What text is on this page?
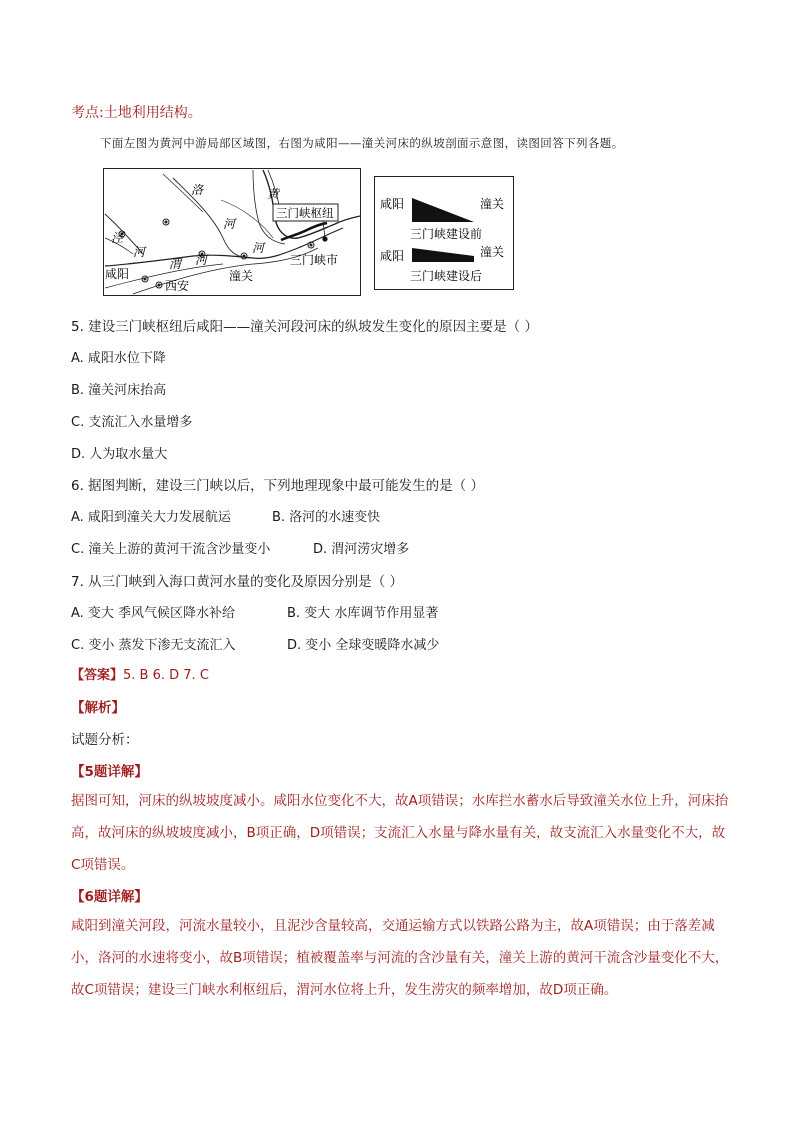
考点:土地利用结构。
下面左图为黄河中游局部区域图，右图为咸阳——潼关河床的纵坡剖面示意图，读图回答下列各题。
洛
河
黄
河
泾
河
渭 河
三门峡枢纽
三门峡市
潼关
咸阳
西安
咸阳	潼关
三门峡建设前
咸阳	潼关
三门峡建设后
5. 建设三门峡枢纽后咸阳——潼关河段河床的纵坡发生变化的原因主要是（ ）
A. 咸阳水位下降
B. 潼关河床抬高
C. 支流汇入水量增多
D. 人为取水量大
6. 据图判断，建设三门峡以后，下列地理现象中最可能发生的是（ ）
A. 咸阳到潼关大力发展航运	B. 洛河的水速变快
C. 潼关上游的黄河干流含沙量变小	D. 渭河涝灾增多
7. 从三门峡到入海口黄河水量的变化及原因分别是（ ）
A. 变大 季风气候区降水补给	B. 变大 水库调节作用显著
C. 变小 蒸发下渗无支流汇入	D. 变小 全球变暖降水减少
【答案】5. B 6. D 7. C
【解析】
试题分析：
【5题详解】
据图可知，河床的纵坡坡度减小。咸阳水位变化不大，故A项错误；水库拦水蓄水后导致潼关水位上升，河床抬高，故河床的纵坡坡度减小，B项正确，D项错误；支流汇入水量与降水量有关，故支流汇入水量变化不大，故C项错误。
【6题详解】
咸阳到潼关河段，河流水量较小，且泥沙含量较高，交通运输方式以铁路公路为主，故A项错误；由于落差减小，洛河的水速将变小，故B项错误；植被覆盖率与河流的含沙量有关，潼关上游的黄河干流含沙量变化不大，故C项错误；建设三门峡水利枢纽后，渭河水位将上升，发生涝灾的频率增加，故D项正确。
